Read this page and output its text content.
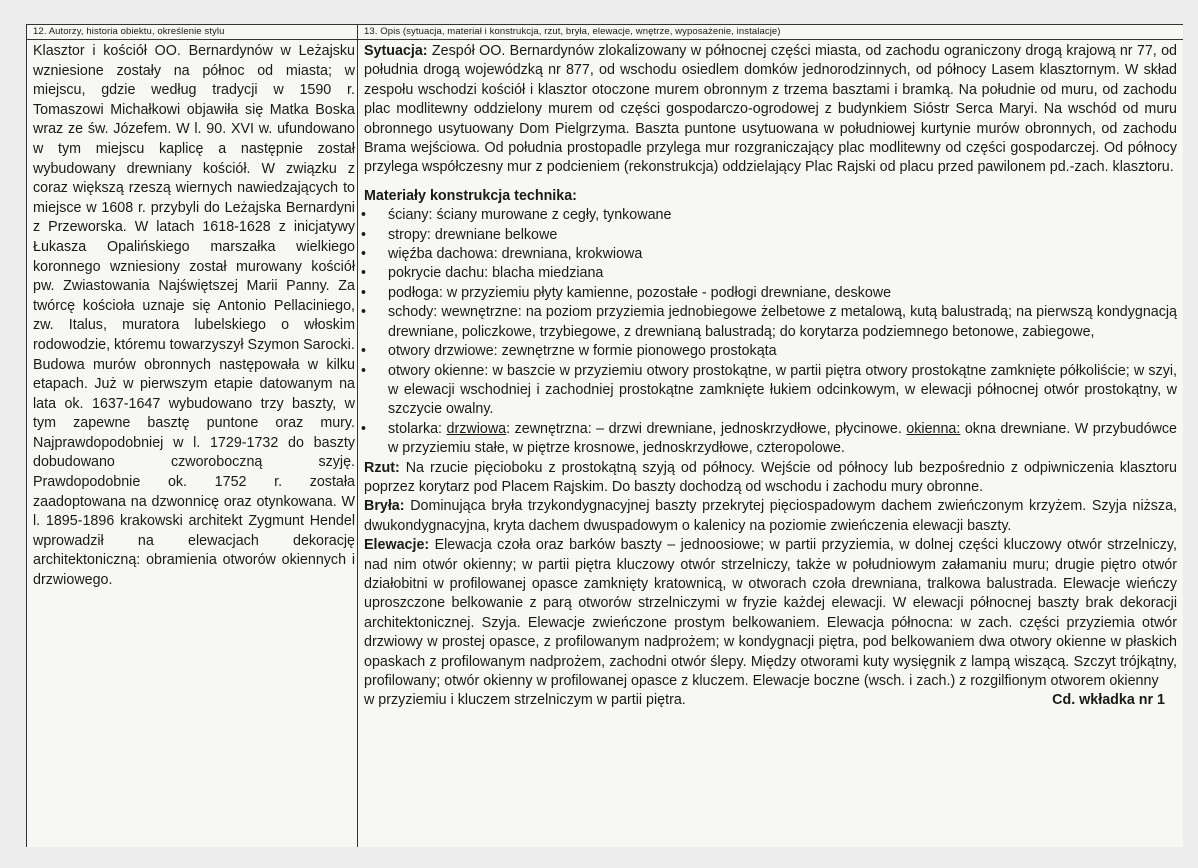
12. Autorzy, historia obiektu, określenie stylu

Klasztor i kościół OO. Bernardynów w Leżajsku wzniesione zostały na północ od miasta; w miejscu, gdzie według tradycji w 1590 r. Tomaszowi Michałkowi objawiła się Matka Boska wraz ze św. Józefem. W l. 90. XVI w. ufundowano w tym miejscu kaplicę a następnie został wybudowany drewniany kościół. W związku z coraz większą rzeszą wiernych nawiedzających to miejsce w 1608 r. przybyli do Leżajska Bernardyni z Przeworska. W latach 1618-1628 z inicjatywy Łukasza Opalińskiego marszałka wielkiego koronnego wzniesiony został murowany kościół pw. Zwiastowania Najświętszej Marii Panny. Za twórcę kościoła uznaje się Antonio Pellaciniego, zw. Italus, muratora lubelskiego o włoskim rodowodzie, któremu towarzyszył Szymon Sarocki.

Budowa murów obronnych następowała w kilku etapach. Już w pierwszym etapie datowanym na lata ok. 1637-1647 wybudowano trzy baszty, w tym zapewne basztę puntone oraz mury. Najprawdopodobniej w l. 1729-1732 do baszty dobudowano czworoboczną szyję. Prawdopodobnie ok. 1752 r. została zaadoptowana na dzwonnicę oraz otynkowana. W l. 1895-1896 krakowski architekt Zygmunt Hendel wprowadził na elewacjach dekorację architektoniczną: obramienia otworów okiennych i drzwiowego.

13. Opis (sytuacja, materiał i konstrukcja, rzut, bryła, elewacje, wnętrze, wyposażenie, instalacje)

Sytuacja: Zespół OO. Bernardynów zlokalizowany w północnej części miasta, od zachodu ograniczony drogą krajową nr 77, od południa drogą wojewódzką nr 877, od wschodu osiedlem domków jednorodzinnych, od północy Lasem klasztornym. W skład zespołu wschodzi kościół i klasztor otoczone murem obronnym z trzema basztami i bramką. Na południe od muru, od zachodu plac modlitewny oddzielony murem od części gospodarczo-ogrodowej z budynkiem Sióstr Serca Maryi. Na wschód od muru obronnego usytuowany Dom Pielgrzyma. Baszta puntone usytuowana w południowej kurtynie murów obronnych, od zachodu Brama wejściowa. Od południa prostopadle przylega mur rozgraniczający plac modlitewny od części gospodarczej. Od północy przylega współczesny mur z podcieniem (rekonstrukcja) oddzielający Plac Rajski od placu przed pawilonem pd.-zach. klasztoru.

Materiały konstrukcja technika:
• ściany: ściany murowane z cegły, tynkowane
• stropy: drewniane belkowe
• więźba dachowa: drewniana, krokwiowa
• pokrycie dachu: blacha miedziana
• podłoga: w przyziemiu płyty kamienne, pozostałe - podłogi drewniane, deskowe
• schody: wewnętrzne: na poziom przyziemia jednobiegowe żelbetowe z metalową, kutą balustradą; na pierwszą kondygnacją drewniane, policzkowe, trzybiegowe, z drewnianą balustradą; do korytarza podziemnego betonowe, zabiegowe,
• otwory drzwiowe: zewnętrzne w formie pionowego prostokąta
• otwory okienne: w baszcie w przyziemiu otwory prostokątne, w partii piętra otwory prostokątne zamknięte półkoliście; w szyi, w elewacji wschodniej i zachodniej prostokątne zamknięte łukiem odcinkowym, w elewacji północnej otwór prostokątny, w szczycie owalny.
• stolarka: drzwiowa: zewnętrzna: – drzwi drewniane, jednoskrzydłowe, płycinowe. okienna: okna drewniane. W przybudówce w przyziemiu stałe, w piętrze krosnowe, jednoskrzydłowe, czteropolowe.

Rzut: Na rzucie pięcioboku z prostokątną szyją od północy. Wejście od północy lub bezpośrednio z odpiwniczenia klasztoru poprzez korytarz pod Placem Rajskim. Do baszty dochodzą od wschodu i zachodu mury obronne.

Bryła: Dominująca bryła trzykondygnacyjnej baszty przekrytej pięciospadowym dachem zwieńczonym krzyżem. Szyja niższa, dwukondygnacyjna, kryta dachem dwuspadowym o kalenicy na poziomie zwieńczenia elewacji baszty.

Elewacje: Elewacja czoła oraz barków baszty – jednoosiowe; w partii przyziemia, w dolnej części kluczowy otwór strzelniczy, nad nim otwór okienny; w partii piętra kluczowy otwór strzelniczy, także w południowym załamaniu muru; drugie piętro otwór działobitni w profilowanej opasce zamknięty kratownicą, w otworach czoła drewniana, tralkowa balustrada. Elewacje wieńczy uproszczone belkowanie z parą otworów strzelniczymi w fryzie każdej elewacji. W elewacji północnej baszty brak dekoracji architektonicznej. Szyja. Elewacje zwieńczone prostym belkowaniem. Elewacja północna: w zach. części przyziemia otwór drzwiowy w prostej opasce, z profilowanym nadprożem; w kondygnacji piętra, pod belkowaniem dwa otwory okienne w płaskich opaskach z profilowanym nadprożem, zachodni otwór ślepy. Między otworami kuty wysięgnik z lampą wiszącą. Szczyt trójkątny, profilowany; otwór okienny w profilowanej opasce z kluczem. Elewacje boczne (wsch. i zach.) z rozgilfionym otworem okienny

w przyziemiu i kluczem strzelniczym w partii piętra.	Cd. wkładka nr 1
